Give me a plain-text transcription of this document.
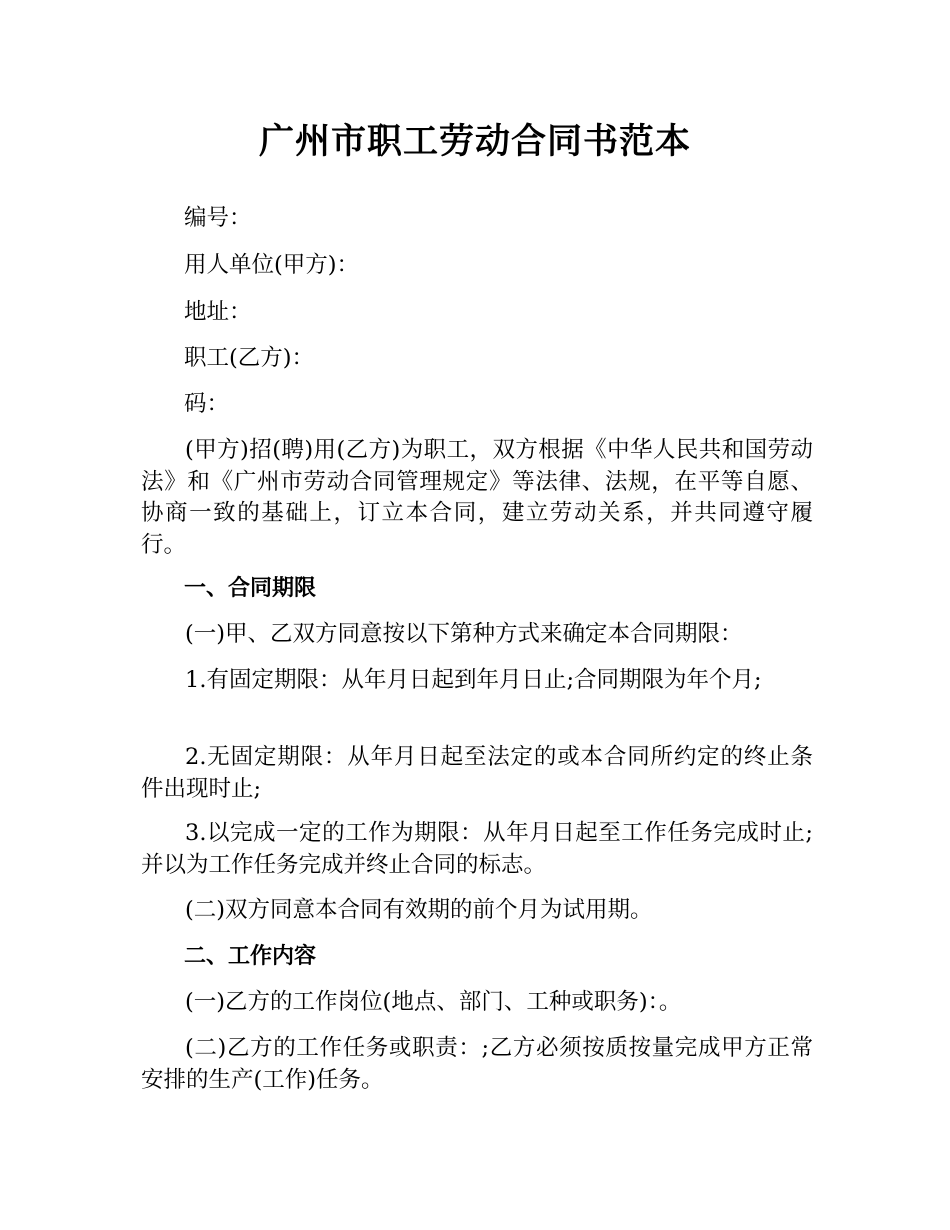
广州市职工劳动合同书范本
编号：
用人单位(甲方)：
地址：
职工(乙方)：
码：
(甲方)招(聘)用(乙方)为职工，双方根据《中华人民共和国劳动法》和《广州市劳动合同管理规定》等法律、法规，在平等自愿、协商一致的基础上，订立本合同，建立劳动关系，并共同遵守履行。
一、合同期限
(一)甲、乙双方同意按以下第种方式来确定本合同期限：
1.有固定期限：从年月日起到年月日止;合同期限为年个月;
2.无固定期限：从年月日起至法定的或本合同所约定的终止条件出现时止;
3.以完成一定的工作为期限：从年月日起至工作任务完成时止;并以为工作任务完成并终止合同的标志。
(二)双方同意本合同有效期的前个月为试用期。
二、工作内容
(一)乙方的工作岗位(地点、部门、工种或职务)：。
(二)乙方的工作任务或职责：;乙方必须按质按量完成甲方正常安排的生产(工作)任务。
